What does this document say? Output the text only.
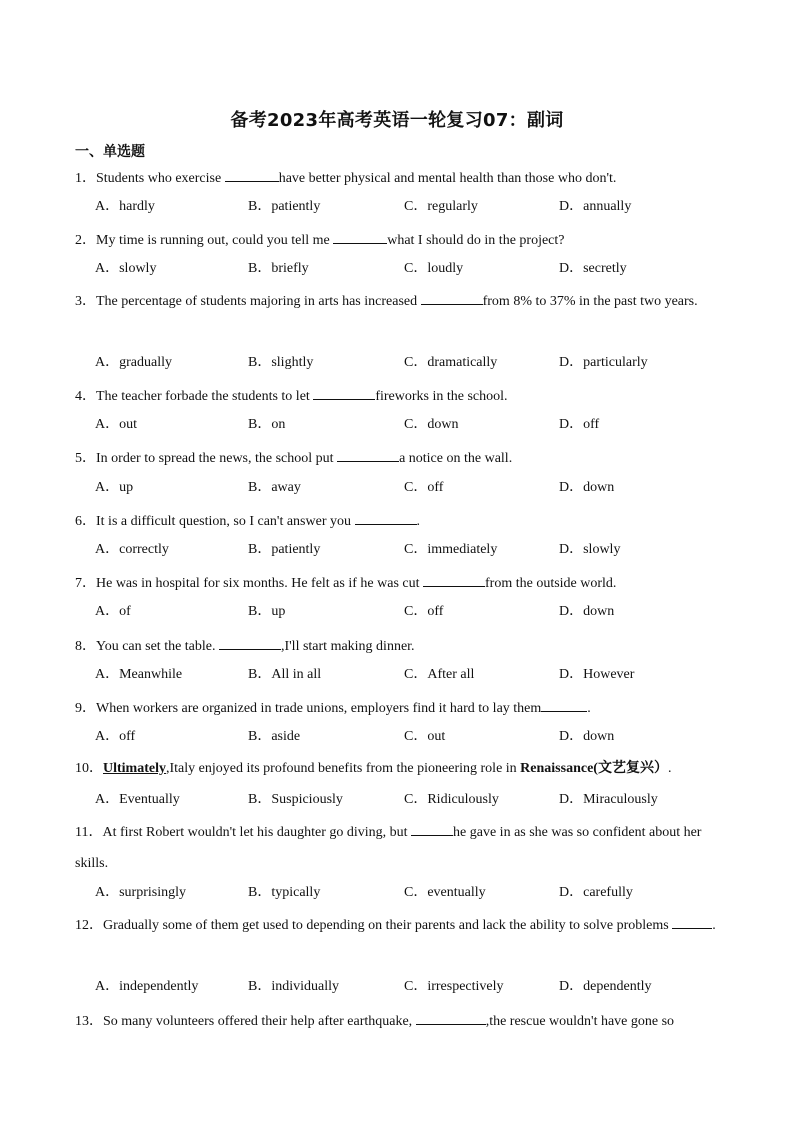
备考2023年高考英语一轮复习07：副词
一、单选题
1．Students who exercise	have better physical and mental health than those who don't.
A．hardly	B．patiently	C．regularly	D．annually
2．My time is running out, could you tell me	what I should do in the project?
A．slowly	B．briefly	C．loudly	D．secretly
3．The percentage of students majoring in arts has increased	from 8% to 37% in the past two years.
A．gradually	B．slightly	C．dramatically	D．particularly
4．The teacher forbade the students to let	fireworks in the school.
A．out	B．on	C．down	D．off
5．In order to spread the news, the school put	a notice on the wall.
A．up	B．away	C．off	D．down
6．It is a difficult question, so I can't answer you	.
A．correctly	B．patiently	C．immediately	D．slowly
7．He was in hospital for six months. He felt as if he was cut	from the outside world.
A．of	B．up	C．off	D．down
8．You can set the table.	,I'll start making dinner.
A．Meanwhile	B．All in all	C．After all	D．However
9．When workers are organized in trade unions, employers find it hard to lay them	.
A．off	B．aside	C．out	D．down
10．Ultimately,Italy enjoyed its profound benefits from the pioneering role in Renaissance(文艺复兴）.
A．Eventually	B．Suspiciously	C．Ridiculously	D．Miraculously
11．At first Robert wouldn't let his daughter go diving, but	he gave in as she was so confident about her skills.
A．surprisingly	B．typically	C．eventually	D．carefully
12．Gradually some of them get used to depending on their parents and lack the ability to solve problems	.
A．independently	B．individually	C．irrespectively	D．dependently
13．So many volunteers offered their help after earthquake,	,the rescue wouldn't have gone so
